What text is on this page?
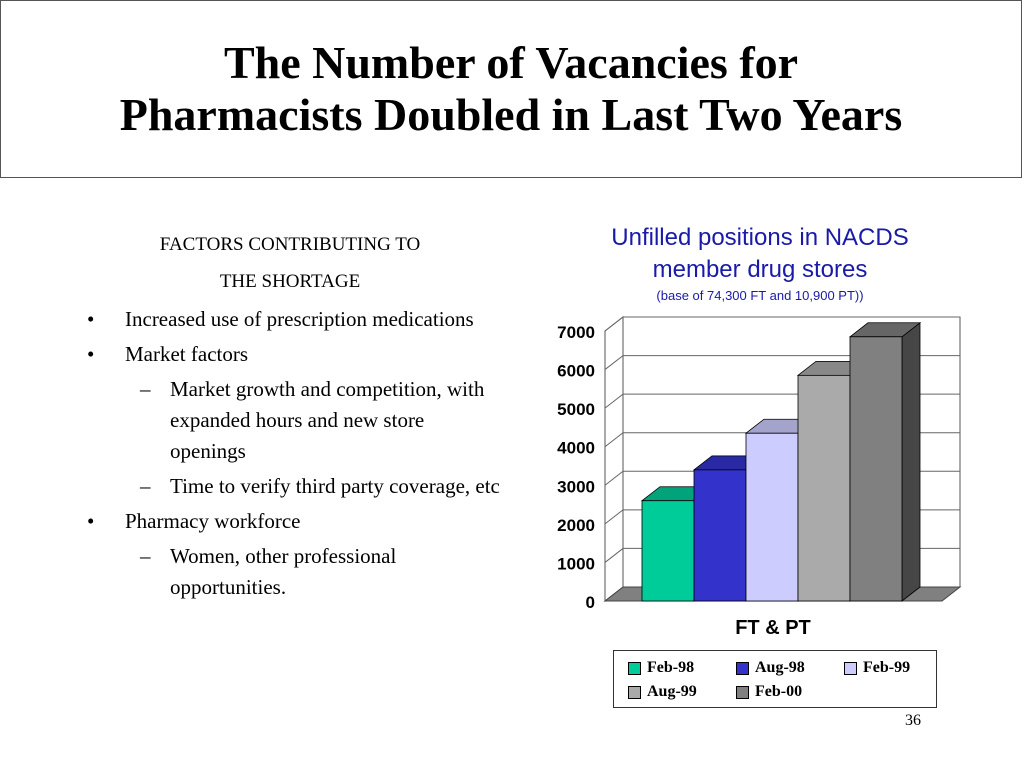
The Number of Vacancies for
Pharmacists Doubled in Last Two Years
FACTORS CONTRIBUTING TO
THE SHORTAGE
• Increased use of prescription medications
• Market factors
– Market growth and competition, with expanded hours and new store openings
– Time to verify third party coverage, etc
• Pharmacy workforce
– Women, other professional opportunities.
Unfilled positions in NACDS
member drug stores
(base of 74,300 FT and 10,900 PT))
0
1000
2000
3000
4000
5000
6000
7000
FT & PT
Feb-98	Aug-98	Feb-99
Aug-99	Feb-00
36
